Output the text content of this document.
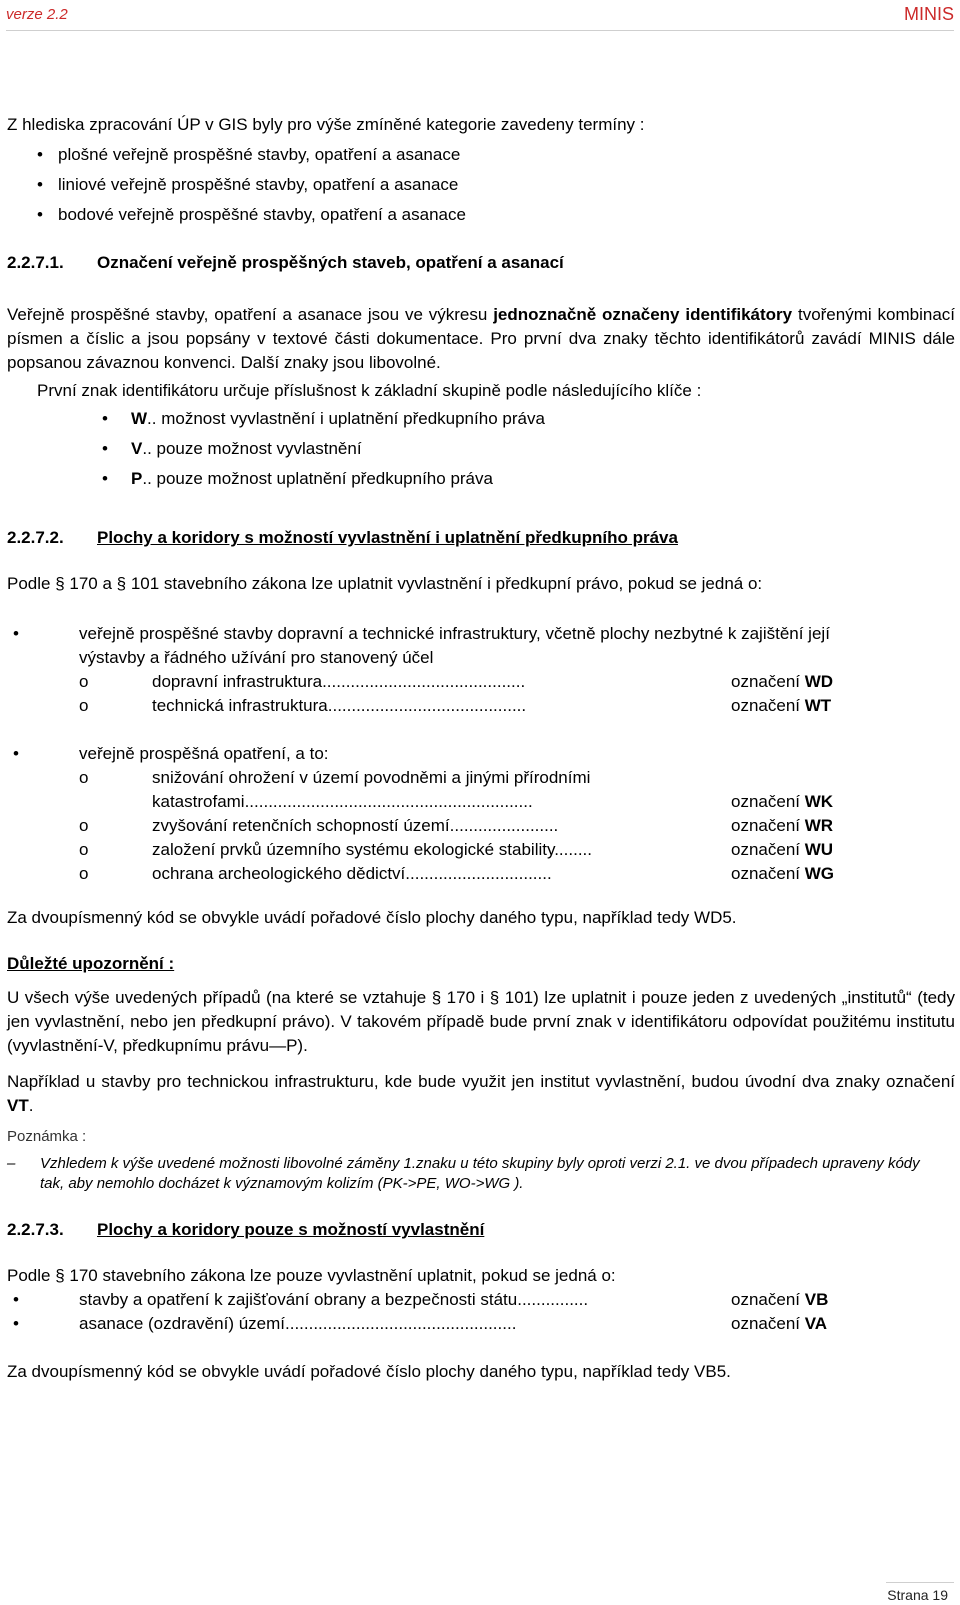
verze 2.2	MINIS

Z hlediska zpracování ÚP v GIS byly pro výše zmíněné kategorie zavedeny termíny :

• plošné veřejně prospěšné stavby, opatření a asanace
• liniové veřejně prospěšné stavby, opatření a asanace
• bodové veřejně prospěšné stavby, opatření a asanace
2.2.7.1.	Označení veřejně prospěšných staveb, opatření a asanací

Veřejně prospěšné stavby, opatření a asanace jsou ve výkresu jednoznačně označeny identifikátory tvořenými kombinací písmen a číslic a jsou popsány v textové části dokumentace. Pro první dva znaky těchto identifikátorů zavádí MINIS dále popsanou závaznou konvenci. Další znaky jsou libovolné.

První znak identifikátoru určuje příslušnost k základní skupině podle následujícího klíče :

•	W .. možnost vyvlastnění i uplatnění předkupního práva
•	V .. pouze možnost vyvlastnění
•	P .. pouze možnost uplatnění předkupního práva
2.2.7.2.	Plochy a koridory s možností vyvlastnění i uplatnění předkupního práva

Podle § 170 a § 101 stavebního zákona lze uplatnit vyvlastnění i předkupní právo, pokud se jedná o:

•	veřejně prospěšné stavby dopravní a technické infrastruktury, včetně plochy nezbytné k zajištění její výstavby a řádného užívání pro stanovený účel
o	dopravní infrastruktura...........................................	označení WD
o	technická infrastruktura..........................................	označení WT
•	veřejně prospěšná opatření, a to:
o	snižování ohrožení v území povodněmi a jinými přírodními katastrofami.............................................................	označení WK
o	zvyšování retenčních schopností území.......................	označení WR
o	založení prvků územního systému ekologické stability........	označení WU
o	ochrana archeologického dědictví...............................	označení WG

Za dvoupísmenný kód se obvykle uvádí pořadové číslo plochy daného typu, například tedy WD5.

Důležté upozornění :

U všech výše uvedených případů (na které se vztahuje § 170 i § 101) lze uplatnit i pouze jeden z uvedených „institutů“ (tedy jen vyvlastnění, nebo jen předkupní právo). V takovém případě bude první znak v identifikátoru odpovídat použitému institutu (vyvlastnění-V, předkupnímu právu—P).

Například u stavby pro technickou infrastrukturu, kde bude využit jen institut vyvlastnění, budou úvodní dva znaky označení VT.

Poznámka :
–	Vzhledem k výše uvedené možnosti libovolné záměny 1.znaku u této skupiny byly oproti verzi 2.1. ve dvou případech upraveny kódy tak, aby nemohlo docházet k významovým kolizím (PK->PE, WO->WG ).
2.2.7.3.	Plochy a koridory pouze s možností vyvlastnění

Podle § 170 stavebního zákona lze pouze vyvlastnění uplatnit, pokud se jedná o:

•	stavby a opatření k zajišťování obrany a bezpečnosti státu...............	označení VB
•	asanace (ozdravění) území.................................................	označení VA

Za dvoupísmenný kód se obvykle uvádí pořadové číslo plochy daného typu, například tedy VB5.

Strana 19
